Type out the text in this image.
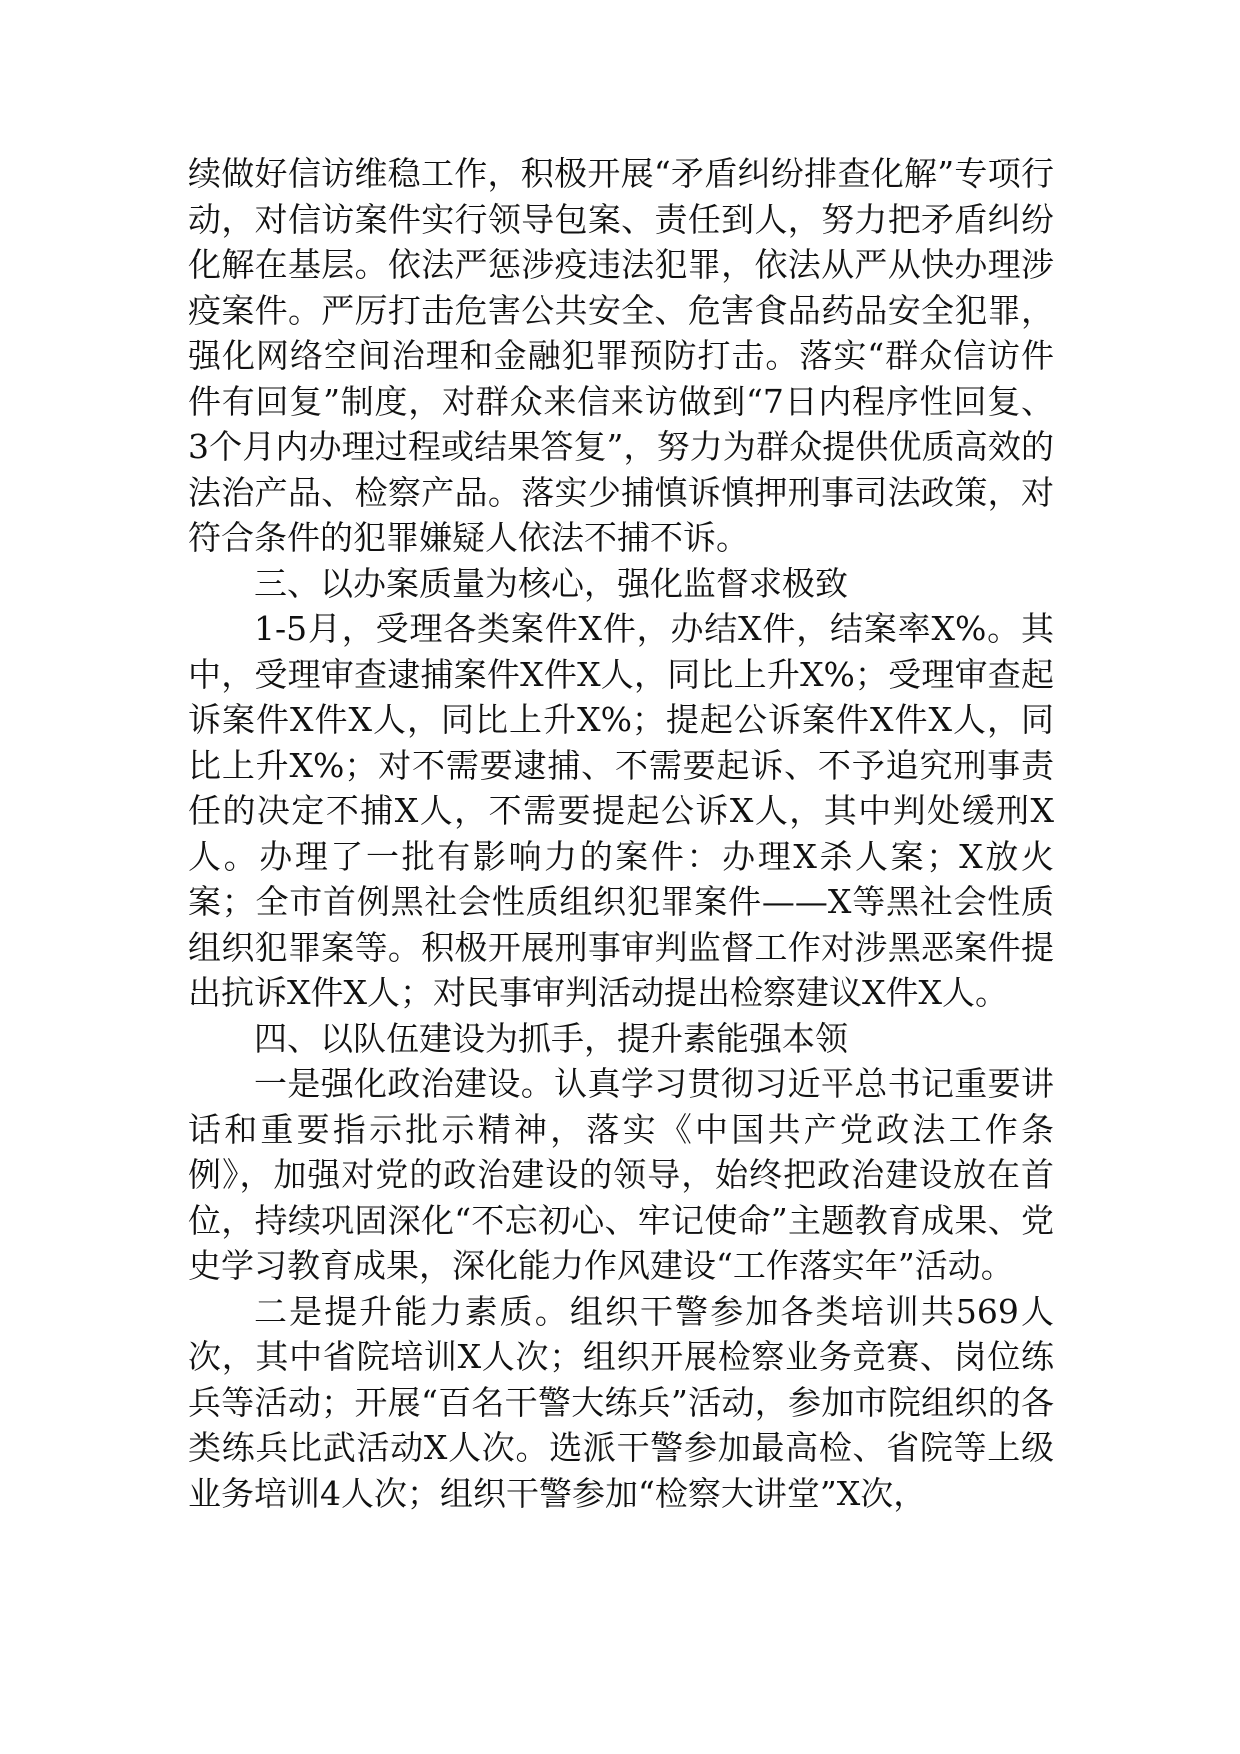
续做好信访维稳工作，积极开展“矛盾纠纷排查化解”专项行动，对信访案件实行领导包案、责任到人，努力把矛盾纠纷化解在基层。依法严惩涉疫违法犯罪，依法从严从快办理涉疫案件。严厉打击危害公共安全、危害食品药品安全犯罪，强化网络空间治理和金融犯罪预防打击。落实“群众信访件件有回复”制度，对群众来信来访做到“7日内程序性回复、3个月内办理过程或结果答复”，努力为群众提供优质高效的法治产品、检察产品。落实少捕慎诉慎押刑事司法政策，对符合条件的犯罪嫌疑人依法不捕不诉。

三、以办案质量为核心，强化监督求极致

1-5月，受理各类案件X件，办结X件，结案率X%。其中，受理审查逮捕案件X件X人，同比上升X%；受理审查起诉案件X件X人，同比上升X%；提起公诉案件X件X人，同比上升X%；对不需要逮捕、不需要起诉、不予追究刑事责任的决定不捕X人，不需要提起公诉X人，其中判处缓刑X人。办理了一批有影响力的案件：办理X杀人案；X放火案；全市首例黑社会性质组织犯罪案件——X等黑社会性质组织犯罪案等。积极开展刑事审判监督工作对涉黑恶案件提出抗诉X件X人；对民事审判活动提出检察建议X件X人。

四、以队伍建设为抓手，提升素能强本领

一是强化政治建设。认真学习贯彻习近平总书记重要讲话和重要指示批示精神，落实《中国共产党政法工作条例》，加强对党的政治建设的领导，始终把政治建设放在首位，持续巩固深化“不忘初心、牢记使命”主题教育成果、党史学习教育成果，深化能力作风建设“工作落实年”活动。

二是提升能力素质。组织干警参加各类培训共569人次，其中省院培训X人次；组织开展检察业务竞赛、岗位练兵等活动；开展“百名干警大练兵”活动，参加市院组织的各类练兵比武活动X人次。选派干警参加最高检、省院等上级业务培训4人次；组织干警参加“检察大讲堂”X次，
